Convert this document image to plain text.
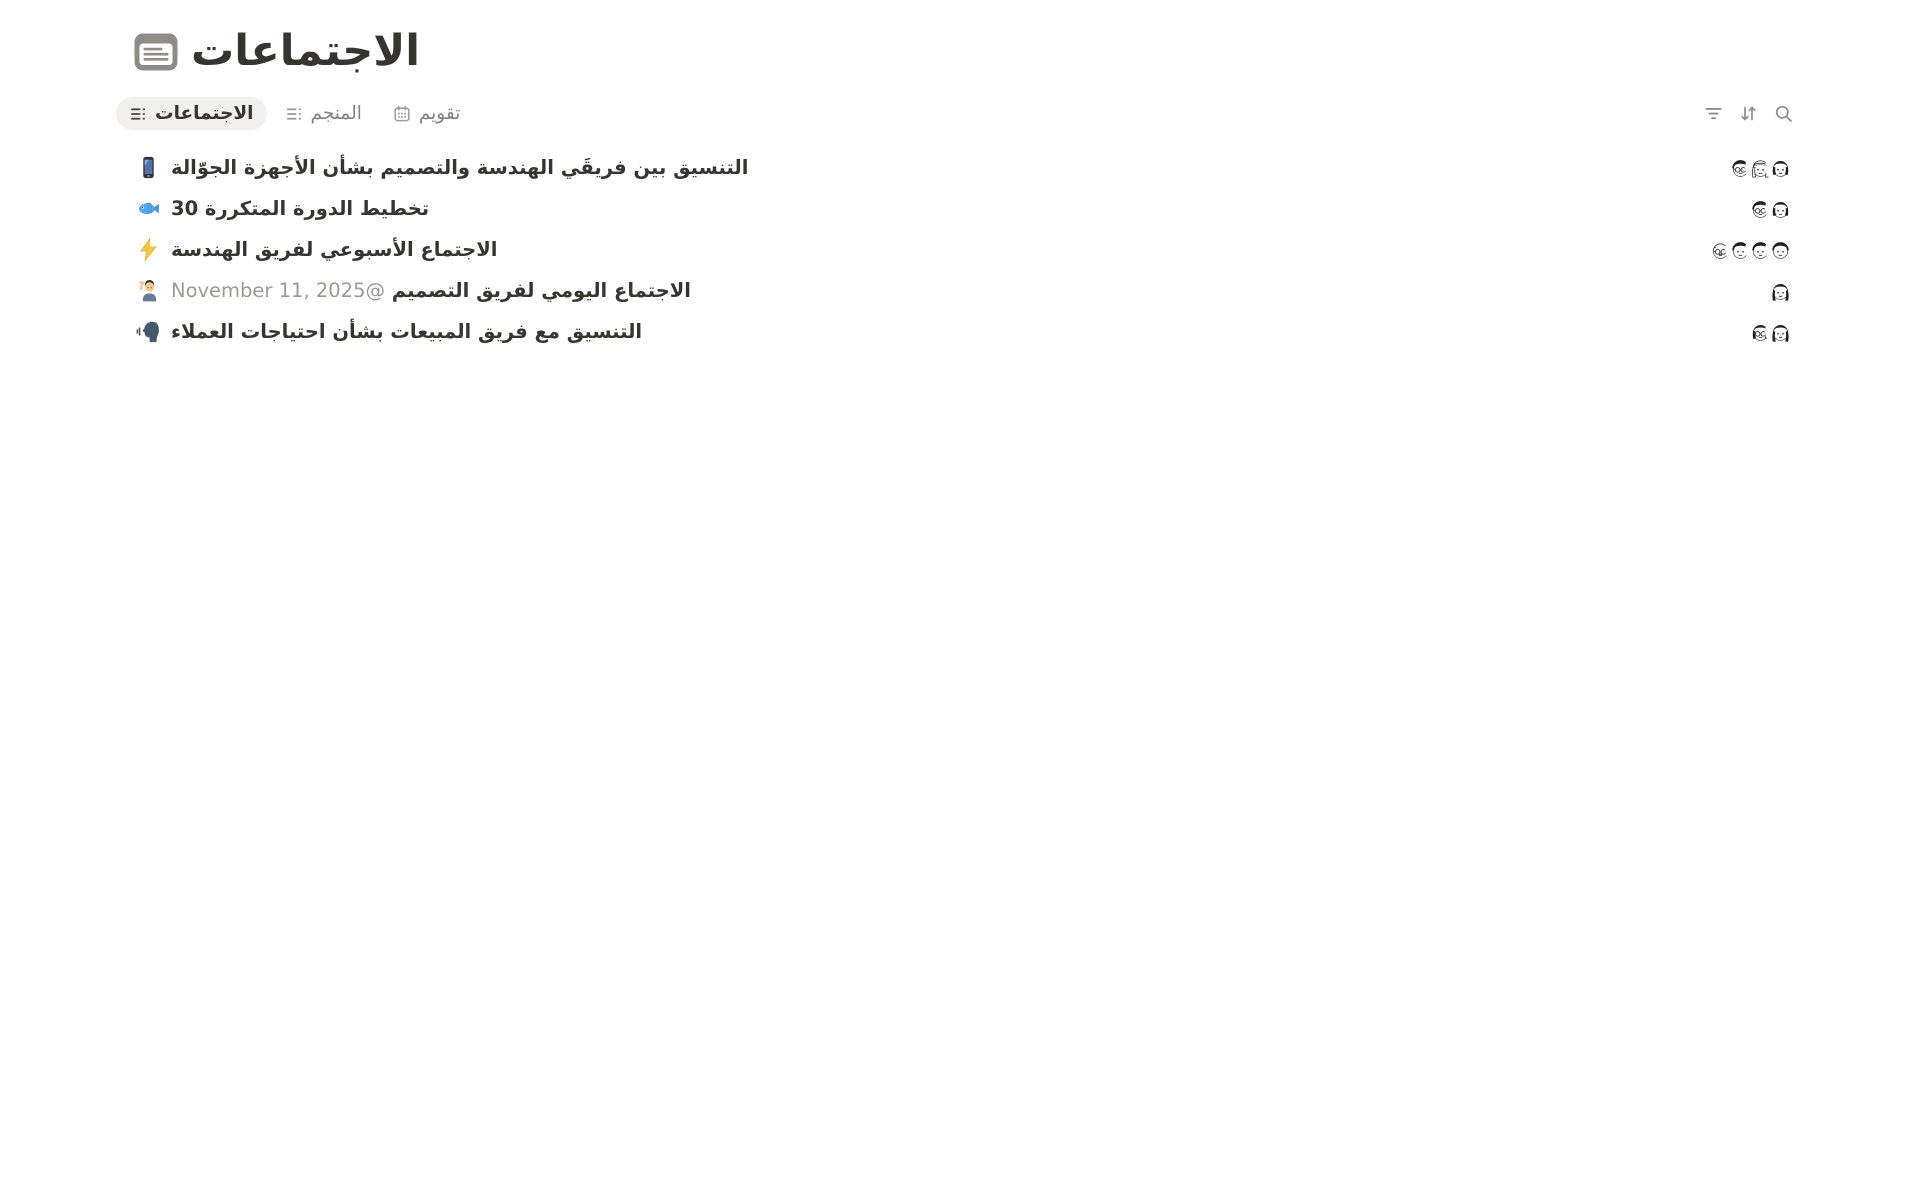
الاجتماعات
الاجتماعات	المنجم	تقويم
التنسيق بين فريقَي الهندسة والتصميم بشأن الأجهزة الجوّالة
تخطيط الدورة المتكررة 30
الاجتماع الأسبوعي لفريق الهندسة
الاجتماع اليومي لفريق التصميم @November 11, 2025
التنسيق مع فريق المبيعات بشأن احتياجات العملاء
